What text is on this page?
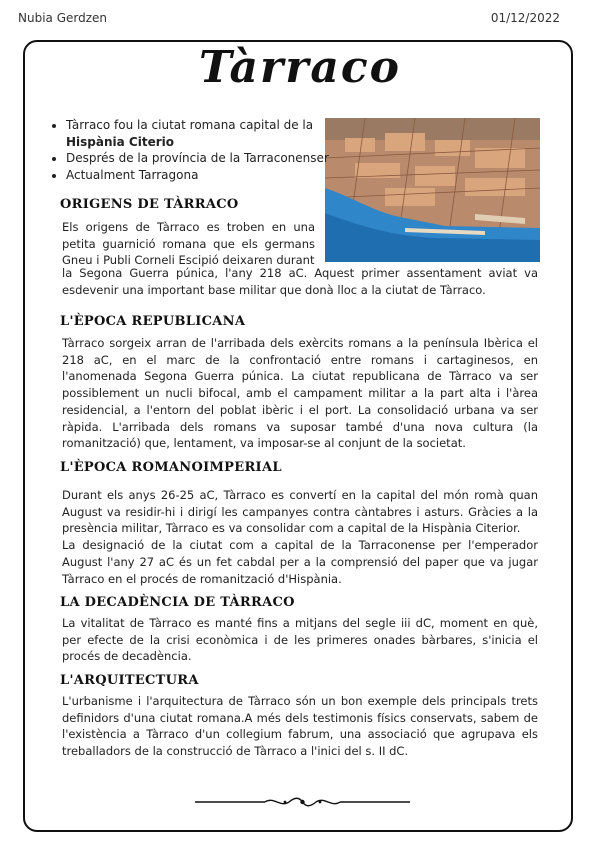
Nubia Gerdzen	01/12/2022
Tàrraco
• Tàrraco fou la ciutat romana capital de la Hispània Citerio
• Després de la província de la Tarraconenser
• Actualment Tarragona
ORIGENS DE TÀRRACO
Els origens de Tàrraco es troben en una petita guarnició romana que els germans Gneu i Publi Corneli Escipió deixaren durant
la Segona Guerra púnica, l'any 218 aC. Aquest primer assentament aviat va esdevenir una important base militar que donà lloc a la ciutat de Tàrraco.
L'ÈPOCA REPUBLICANA
Tàrraco sorgeix arran de l'arribada dels exèrcits romans a la península Ibèrica el 218 aC, en el marc de la confrontació entre romans i cartaginesos, en l'anomenada Segona Guerra púnica. La ciutat republicana de Tàrraco va ser possiblement un nucli bifocal, amb el campament militar a la part alta i l'àrea residencial, a l'entorn del poblat ibèric i el port. La consolidació urbana va ser ràpida. L'arribada dels romans va suposar també d'una nova cultura (la romanització) que, lentament, va imposar-se al conjunt de la societat.
L'ÈPOCA ROMANOIMPERIAL

Durant els anys 26-25 aC, Tàrraco es convertí en la capital del món romà quan August va residir-hi i dirigí les campanyes contra càntabres i asturs. Gràcies a la presència militar, Tàrraco es va consolidar com a capital de la Hispània Citerior.

La designació de la ciutat com a capital de la Tarraconense per l'emperador August l'any 27 aC és un fet cabdal per a la comprensió del paper que va jugar Tàrraco en el procés de romanització d'Hispània.

LA DECADÈNCIA DE TÀRRACO
La vitalitat de Tàrraco es manté fins a mitjans del segle iii dC, moment en què, per efecte de la crisi econòmica i de les primeres onades bàrbares, s'inicia el procés de decadència.
L'ARQUITECTURA
L'urbanisme i l'arquitectura de Tàrraco són un bon exemple dels principals trets definidors d'una ciutat romana.A més dels testimonis físics conservats, sabem de l'existència a Tàrraco d'un collegium fabrum, una associació que agrupava els treballadors de la construcció de Tàrraco a l'inici del s. II dC.
